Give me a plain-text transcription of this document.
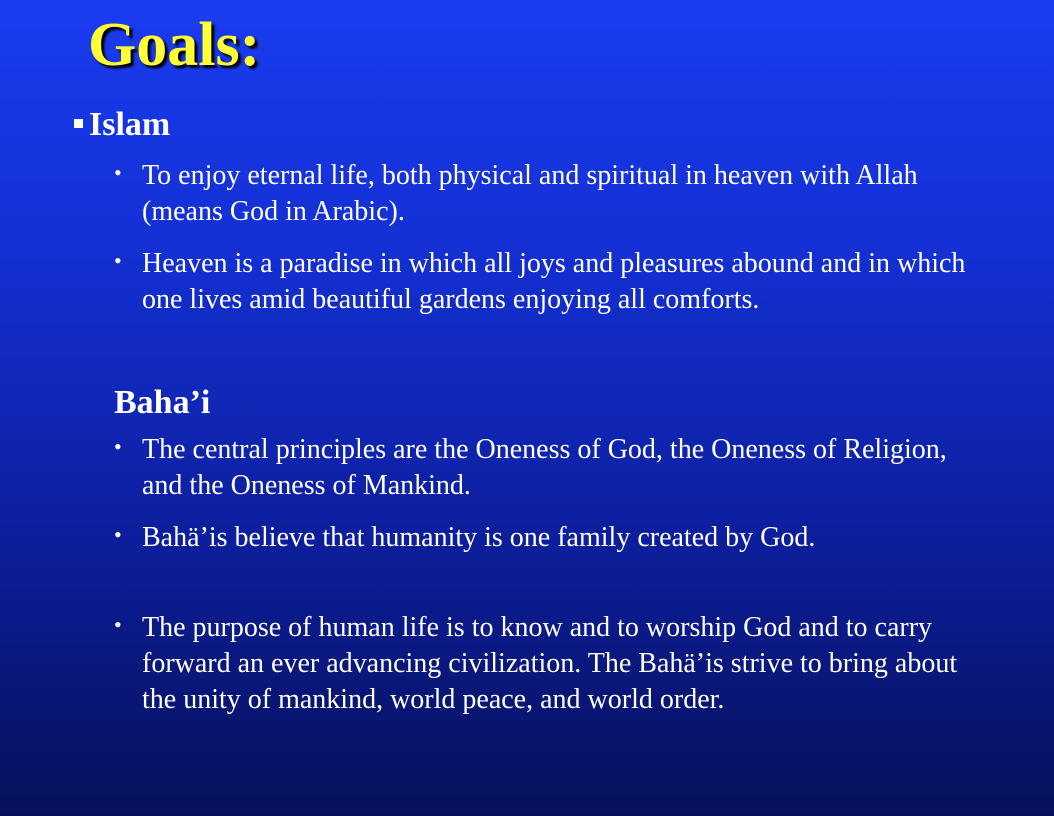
Goals:
Islam
• To enjoy eternal life, both physical and spiritual in heaven with Allah (means God in Arabic).
• Heaven is a paradise in which all joys and pleasures abound and in which one lives amid beautiful gardens enjoying all comforts.
Baha’i
• The central principles are the Oneness of God, the Oneness of Religion, and the Oneness of Mankind.
• Bahä’is believe that humanity is one family created by God.
• The purpose of human life is to know and to worship God and to carry forward an ever advancing civilization. The Bahä’is strive to bring about the unity of mankind, world peace, and world order.
